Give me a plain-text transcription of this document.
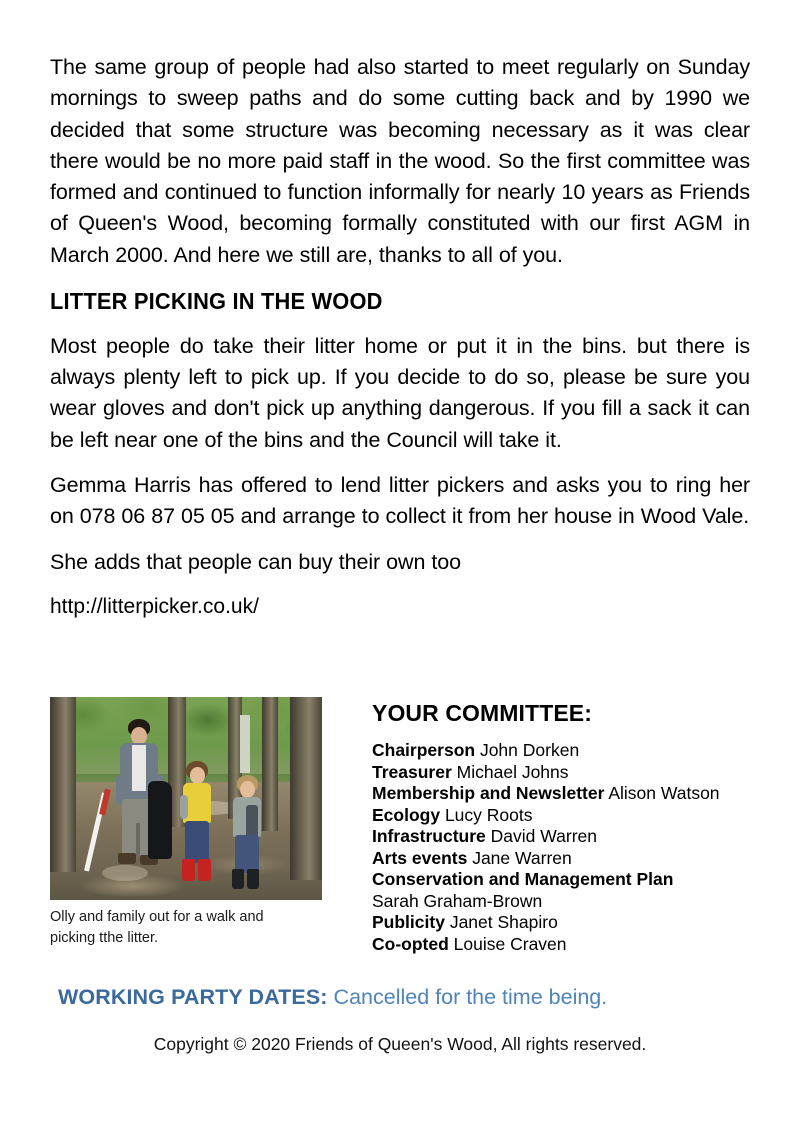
The same group of people had also started to meet regularly on Sunday mornings to sweep paths and do some cutting back and by 1990 we decided that some structure was becoming necessary as it was clear there would be no more paid staff in the wood. So the first committee was formed and continued to function informally for nearly 10 years as Friends of Queen's Wood, becoming formally constituted with our first AGM in March 2000. And here we still are, thanks to all of you.

LITTER PICKING IN THE WOOD

Most people do take their litter home or put it in the bins. but there is always plenty left to pick up. If you decide to do so, please be sure you wear gloves and don't pick up anything dangerous. If you fill a sack it can be left near one of the bins and the Council will take it.

Gemma Harris has offered to lend litter pickers and asks you to ring her on 078 06 87 05 05 and arrange to collect it from her house in Wood Vale.

She adds that people can buy their own too

http://litterpicker.co.uk/

Olly and family out for a walk and picking tthe litter.
YOUR COMMITTEE:
Chairperson John Dorken
Treasurer Michael Johns
Membership and Newsletter Alison Watson
Ecology Lucy Roots
Infrastructure David Warren
Arts events Jane Warren
Conservation and Management Plan
Sarah Graham-Brown
Publicity Janet Shapiro
Co-opted Louise Craven
WORKING PARTY DATES: Cancelled for the time being.
Copyright © 2020 Friends of Queen's Wood, All rights reserved.
